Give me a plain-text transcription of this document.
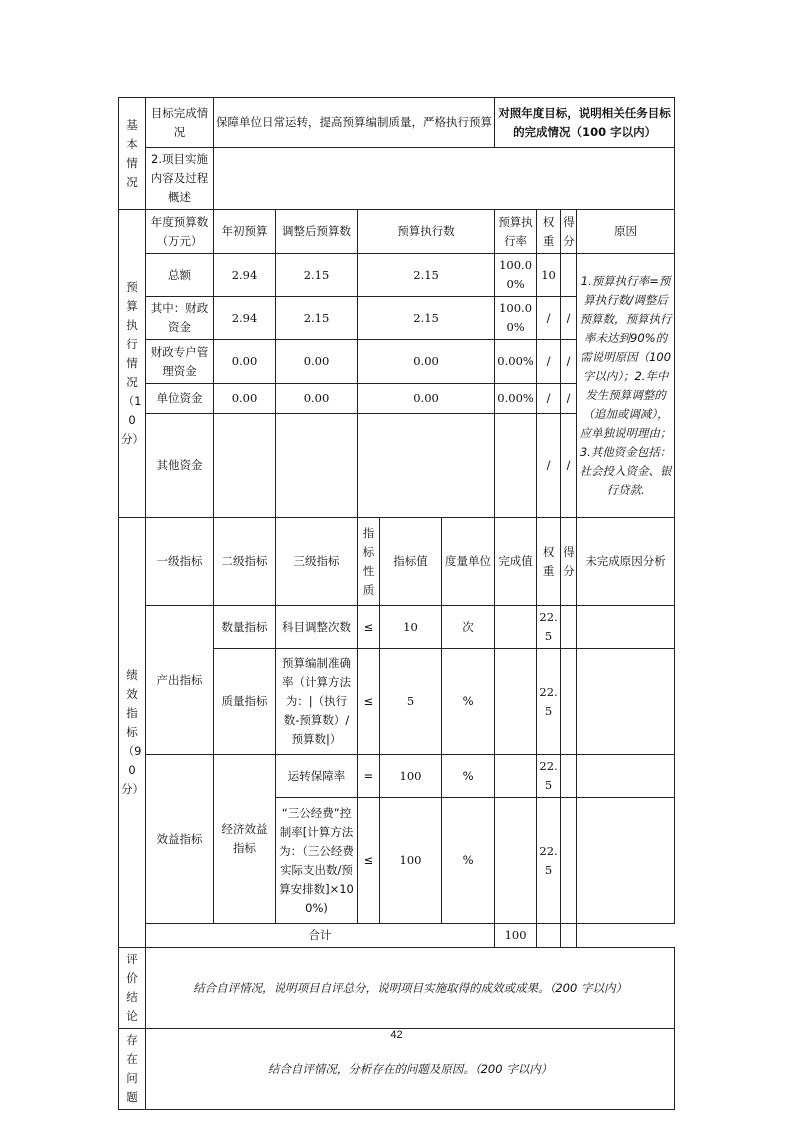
基本情况	目标完成情况	保障单位日常运转，提高预算编制质量，严格执行预算					对照年度目标，说明相关任务目标的完成情况（100 字以内）			
	2.项目实施内容及过程概述									
预算执行情况（10分）	年度预算数（万元）	年初预算	调整后预算数	预算执行数			预算执行率	权重	得分	原因
	总额	2.94	2.15	2.15			100.00%	10		1.预算执行率=预算执行数/调整后预算数，预算执行率未达到90%的需说明原因（100 字以内）；2.年中发生预算调整的（追加或调减），应单独说明理由；3.其他资金包括：社会投入资金、银行贷款.
	其中：财政资金	2.94	2.15	2.15			100.00%	/	/	
	财政专户管理资金	0.00	0.00	0.00			0.00%	/	/	
	单位资金	0.00	0.00	0.00			0.00%	/	/	
	其他资金							/	/	
绩效指标（90分）	一级指标	二级指标	三级指标	指标性质	指标值	度量单位	完成值	权重	得分	未完成原因分析
	产出指标	数量指标	科目调整次数	≤	10	次		22.5		
		质量指标	预算编制准确率（计算方法为：|（执行数-预算数）/预算数|）	≤	5	%		22.5		
	效益指标	经济效益指标	运转保障率	=	100	%		22.5		
			“三公经费”控制率[计算方法为：（三公经费实际支出数/预算安排数]×100%)	≤	100	%		22.5		
	合计						100			
评价结论	结合自评情况，说明项目自评总分，说明项目实施取得的成效或成果。（200 字以内）									
存在问题	结合自评情况，分析存在的问题及原因。（200 字以内）									
42
